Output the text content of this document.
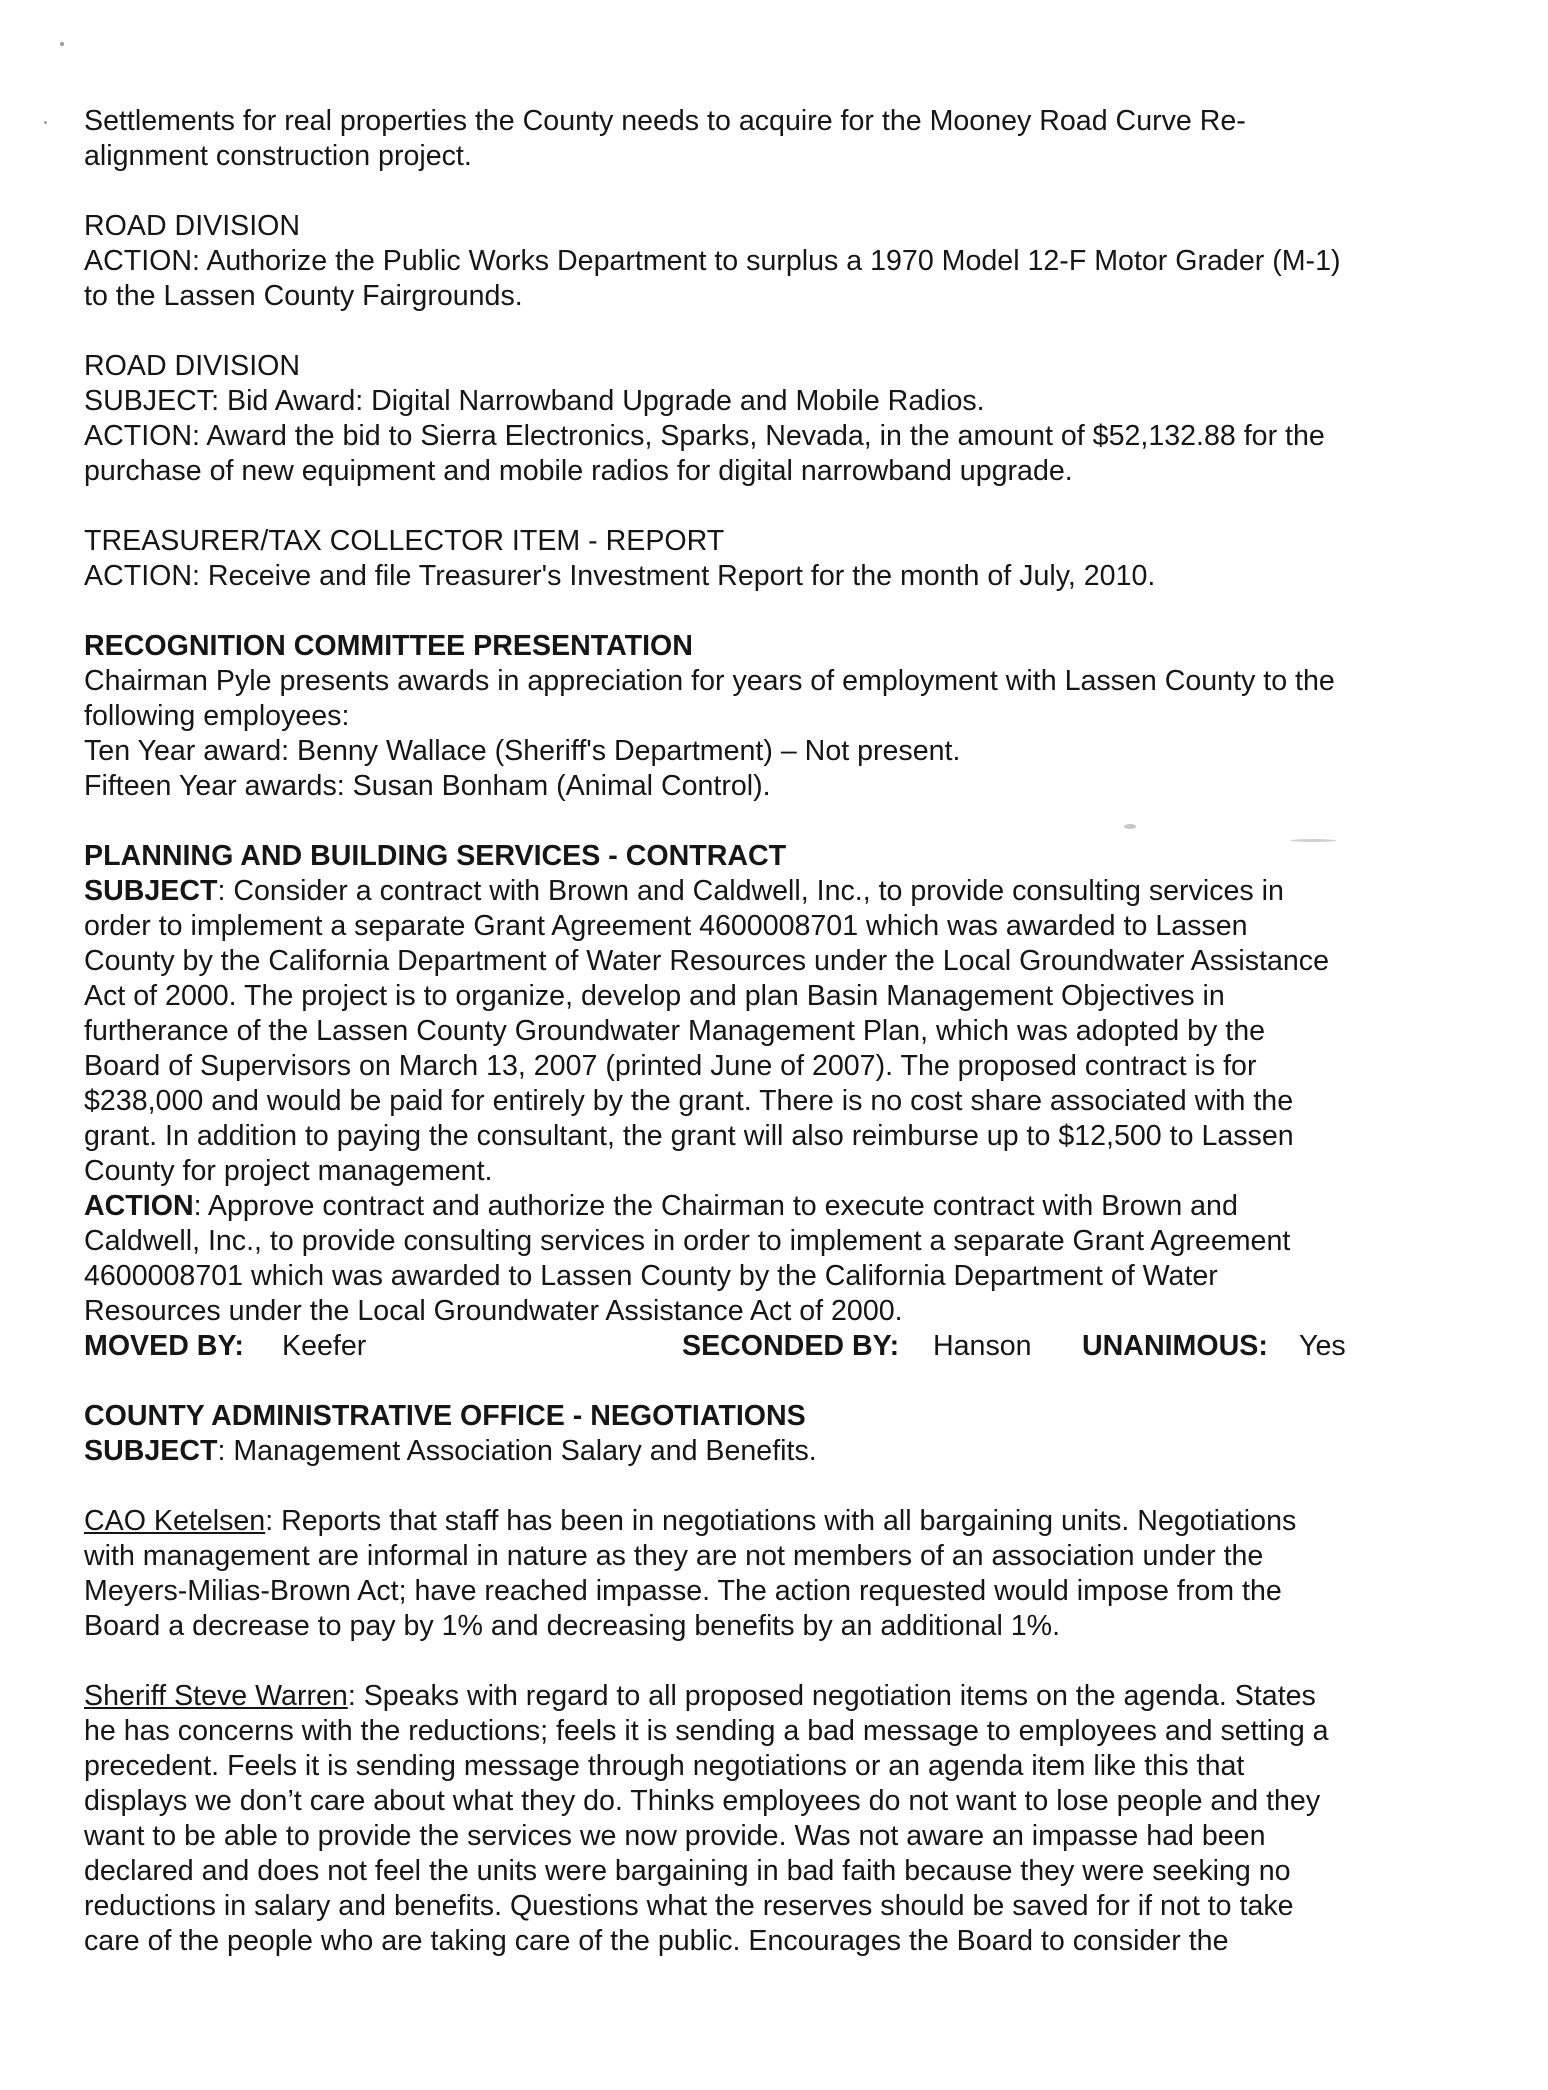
Settlements for real properties the County needs to acquire for the Mooney Road Curve Re-
alignment construction project.
ROAD DIVISION
ACTION: Authorize the Public Works Department to surplus a 1970 Model 12-F Motor Grader (M-1)
to the Lassen County Fairgrounds.
ROAD DIVISION
SUBJECT: Bid Award: Digital Narrowband Upgrade and Mobile Radios.
ACTION: Award the bid to Sierra Electronics, Sparks, Nevada, in the amount of $52,132.88 for the
purchase of new equipment and mobile radios for digital narrowband upgrade.
TREASURER/TAX COLLECTOR ITEM - REPORT
ACTION: Receive and file Treasurer's Investment Report for the month of July, 2010.
RECOGNITION COMMITTEE PRESENTATION
Chairman Pyle presents awards in appreciation for years of employment with Lassen County to the
following employees:
Ten Year award: Benny Wallace (Sheriff's Department) – Not present.
Fifteen Year awards: Susan Bonham (Animal Control).
PLANNING AND BUILDING SERVICES - CONTRACT
SUBJECT: Consider a contract with Brown and Caldwell, Inc., to provide consulting services in
order to implement a separate Grant Agreement 4600008701 which was awarded to Lassen
County by the California Department of Water Resources under the Local Groundwater Assistance
Act of 2000. The project is to organize, develop and plan Basin Management Objectives in
furtherance of the Lassen County Groundwater Management Plan, which was adopted by the
Board of Supervisors on March 13, 2007 (printed June of 2007). The proposed contract is for
$238,000 and would be paid for entirely by the grant. There is no cost share associated with the
grant. In addition to paying the consultant, the grant will also reimburse up to $12,500 to Lassen
County for project management.
ACTION: Approve contract and authorize the Chairman to execute contract with Brown and
Caldwell, Inc., to provide consulting services in order to implement a separate Grant Agreement
4600008701 which was awarded to Lassen County by the California Department of Water
Resources under the Local Groundwater Assistance Act of 2000.
MOVED BY: Keefer	SECONDED BY: Hanson UNANIMOUS: Yes
COUNTY ADMINISTRATIVE OFFICE - NEGOTIATIONS
SUBJECT: Management Association Salary and Benefits.
CAO Ketelsen: Reports that staff has been in negotiations with all bargaining units. Negotiations
with management are informal in nature as they are not members of an association under the
Meyers-Milias-Brown Act; have reached impasse. The action requested would impose from the
Board a decrease to pay by 1% and decreasing benefits by an additional 1%.
Sheriff Steve Warren: Speaks with regard to all proposed negotiation items on the agenda. States
he has concerns with the reductions; feels it is sending a bad message to employees and setting a
precedent. Feels it is sending message through negotiations or an agenda item like this that
displays we don’t care about what they do. Thinks employees do not want to lose people and they
want to be able to provide the services we now provide. Was not aware an impasse had been
declared and does not feel the units were bargaining in bad faith because they were seeking no
reductions in salary and benefits. Questions what the reserves should be saved for if not to take
care of the people who are taking care of the public. Encourages the Board to consider the
